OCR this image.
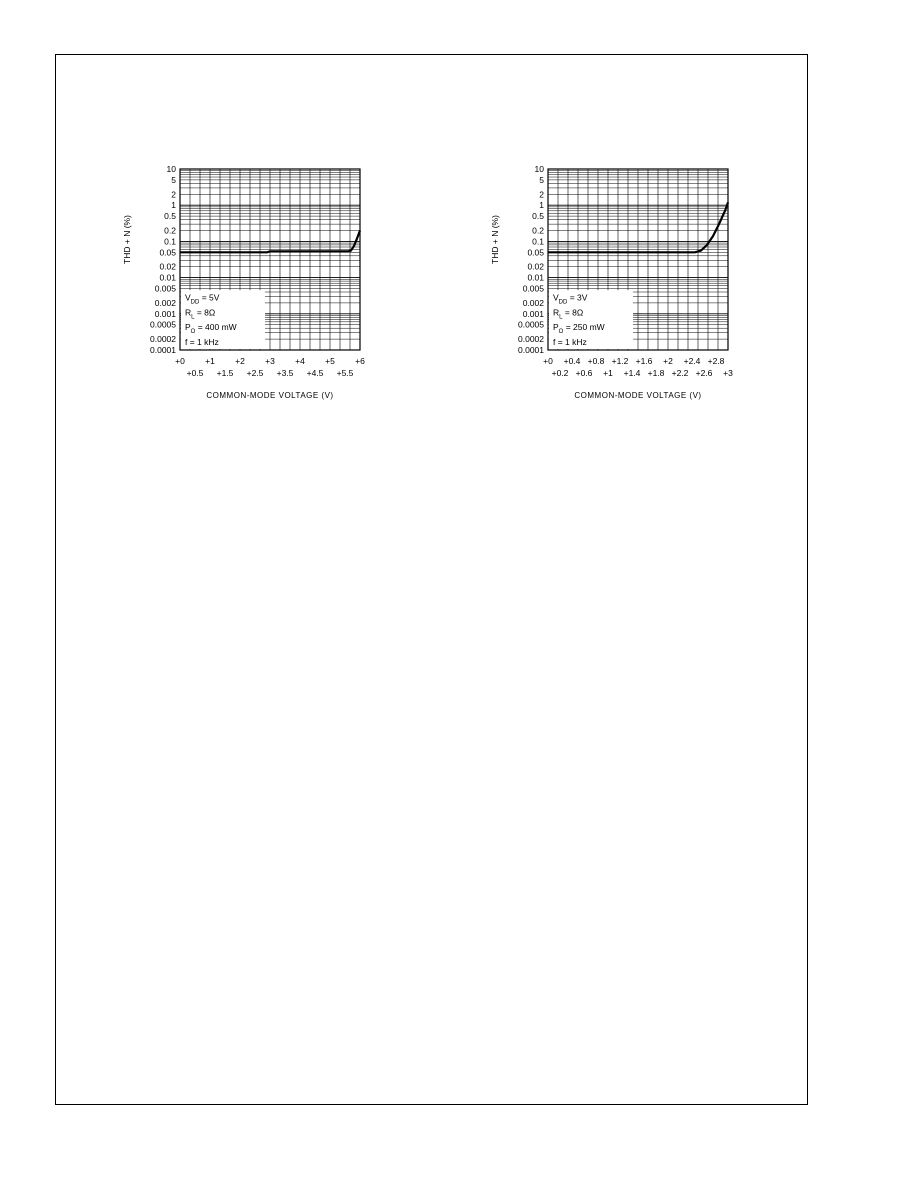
10
5
2
1
0.5
0.2
0.1
0.05
0.02
0.01
0.005
0.002
0.001
0.0005
0.0002
0.0001
+0 +1 +2 +3 +4 +5 +6
+0.5 +1.5 +2.5 +3.5 +4.5 +5.5
COMMON-MODE VOLTAGE (V)
THD + N (%)
$V_{DD} = 5V$
$R_L = 8\Omega$
$P_O = 400$ mW
f = 1 kHz
10
5
2
1
0.5
0.2
0.1
0.05
0.02
0.01
0.005
0.002
0.001
0.0005
0.0002
0.0001
+0 +0.4 +0.8 +1.2 +1.6 +2 +2.4 +2.8
+0.2 +0.6 +1 +1.4 +1.8 +2.2 +2.6 +3
COMMON-MODE VOLTAGE (V)
THD + N (%)
$V_{DD} = 3V$
$R_L = 8\Omega$
$P_O = 250$ mW
f = 1 kHz
